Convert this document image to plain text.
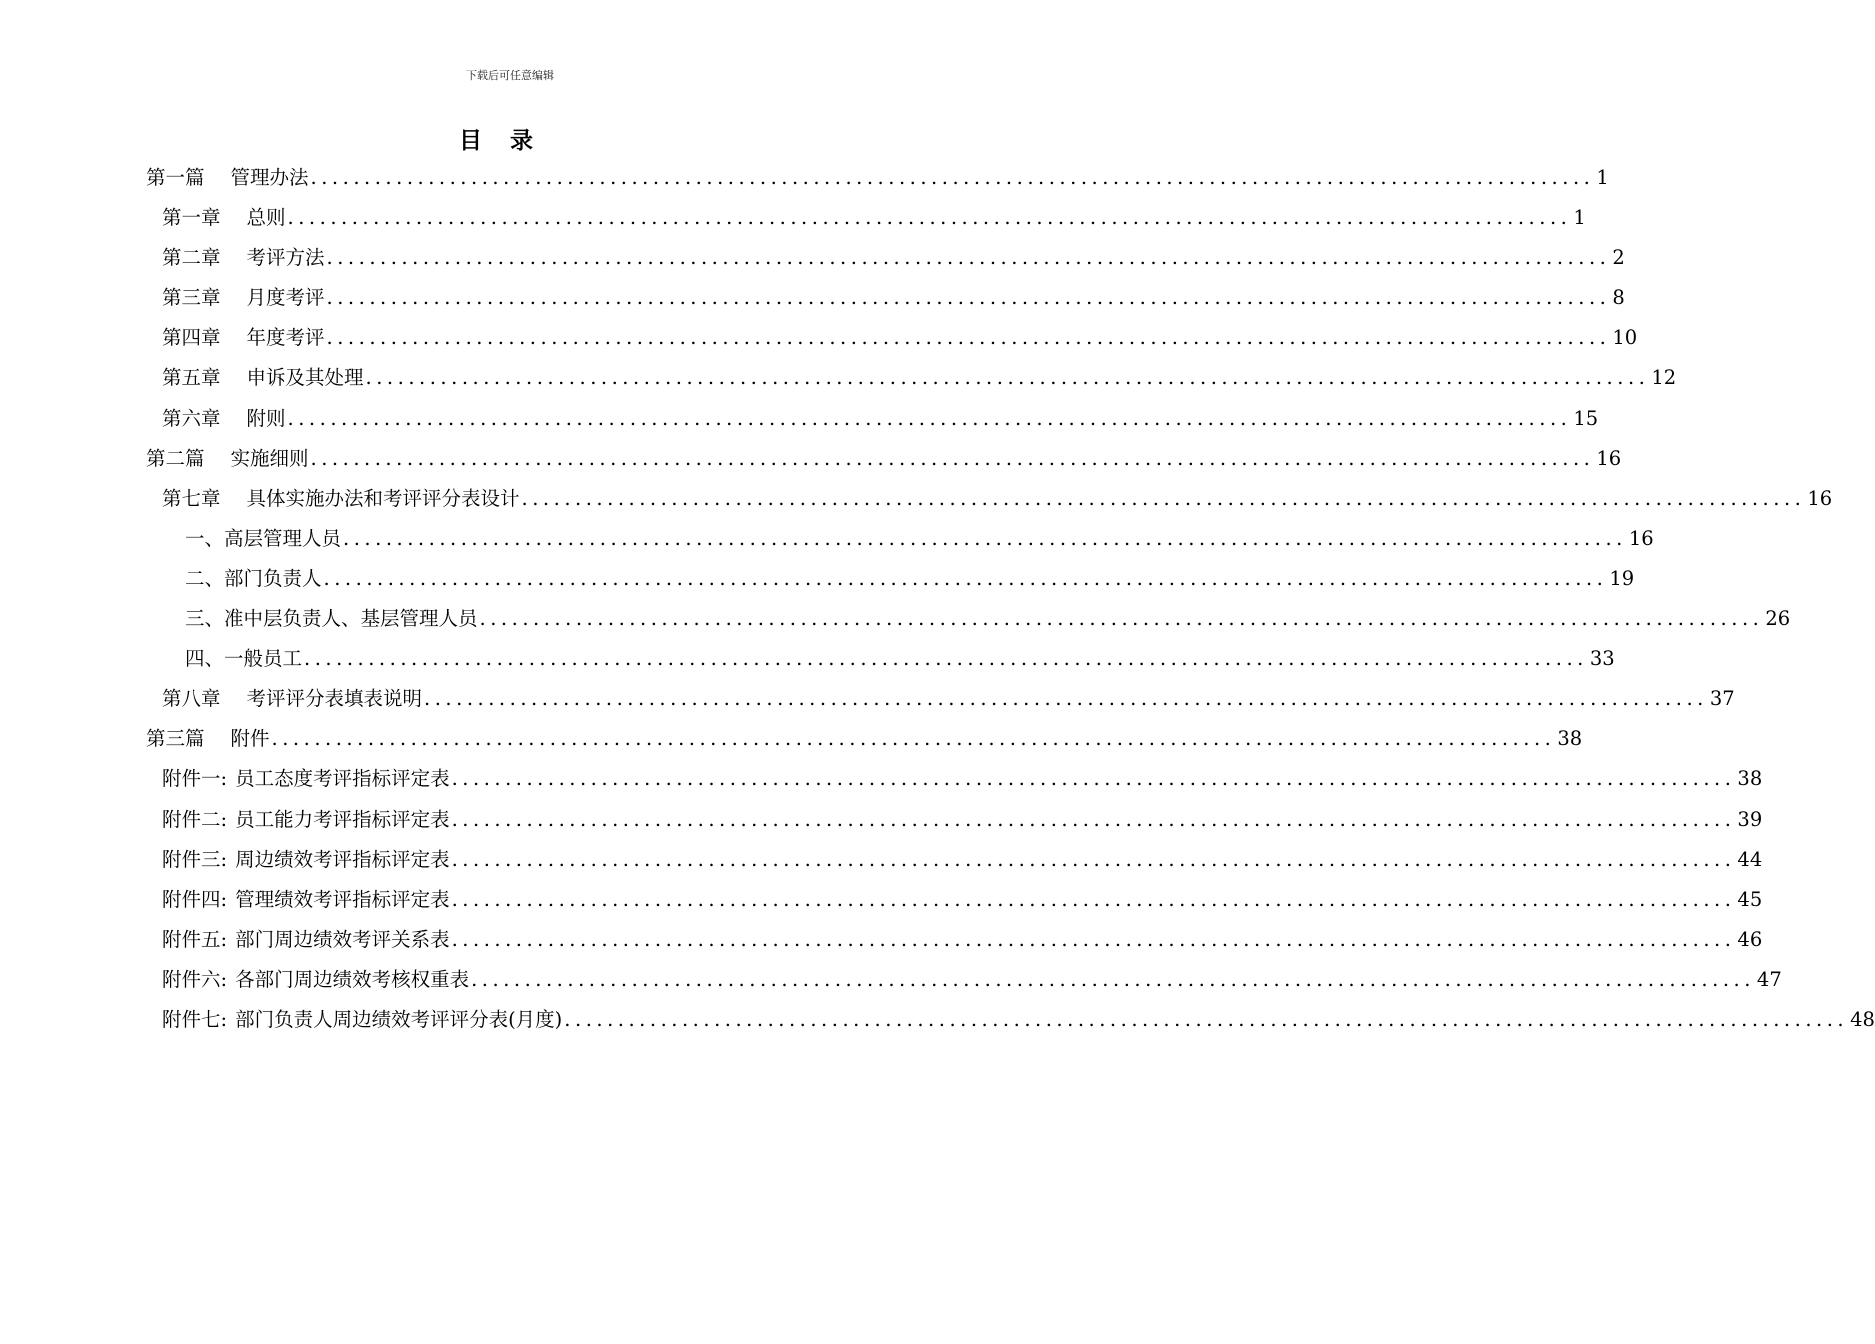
下载后可任意编辑
目录
第一篇 管理办法 ........................................................................................................................ 1
第一章 总则 ........................................................................................................................ 1
第二章 考评方法 ........................................................................................................................ 2
第三章 月度考评 ........................................................................................................................ 8
第四章 年度考评 ........................................................................................................................ 10
第五章 申诉及其处理 ........................................................................................................................ 12
第六章 附则 ........................................................................................................................ 15
第二篇 实施细则 ........................................................................................................................ 16
第七章 具体实施办法和考评评分表设计 ........................................................................................................................ 16
一、高层管理人员 ........................................................................................................................ 16
二、部门负责人 ........................................................................................................................ 19
三、准中层负责人、基层管理人员 ........................................................................................................................ 26
四、一般员工 ........................................................................................................................ 33
第八章 考评评分表填表说明 ........................................................................................................................ 37
第三篇 附件 ........................................................................................................................ 38
附件一: 员工态度考评指标评定表 ........................................................................................................................ 38
附件二: 员工能力考评指标评定表 ........................................................................................................................ 39
附件三: 周边绩效考评指标评定表 ........................................................................................................................ 44
附件四: 管理绩效考评指标评定表 ........................................................................................................................ 45
附件五: 部门周边绩效考评关系表 ........................................................................................................................ 46
附件六: 各部门周边绩效考核权重表 ........................................................................................................................ 47
附件七: 部门负责人周边绩效考评评分表(月度) ........................................................................................................................ 48
